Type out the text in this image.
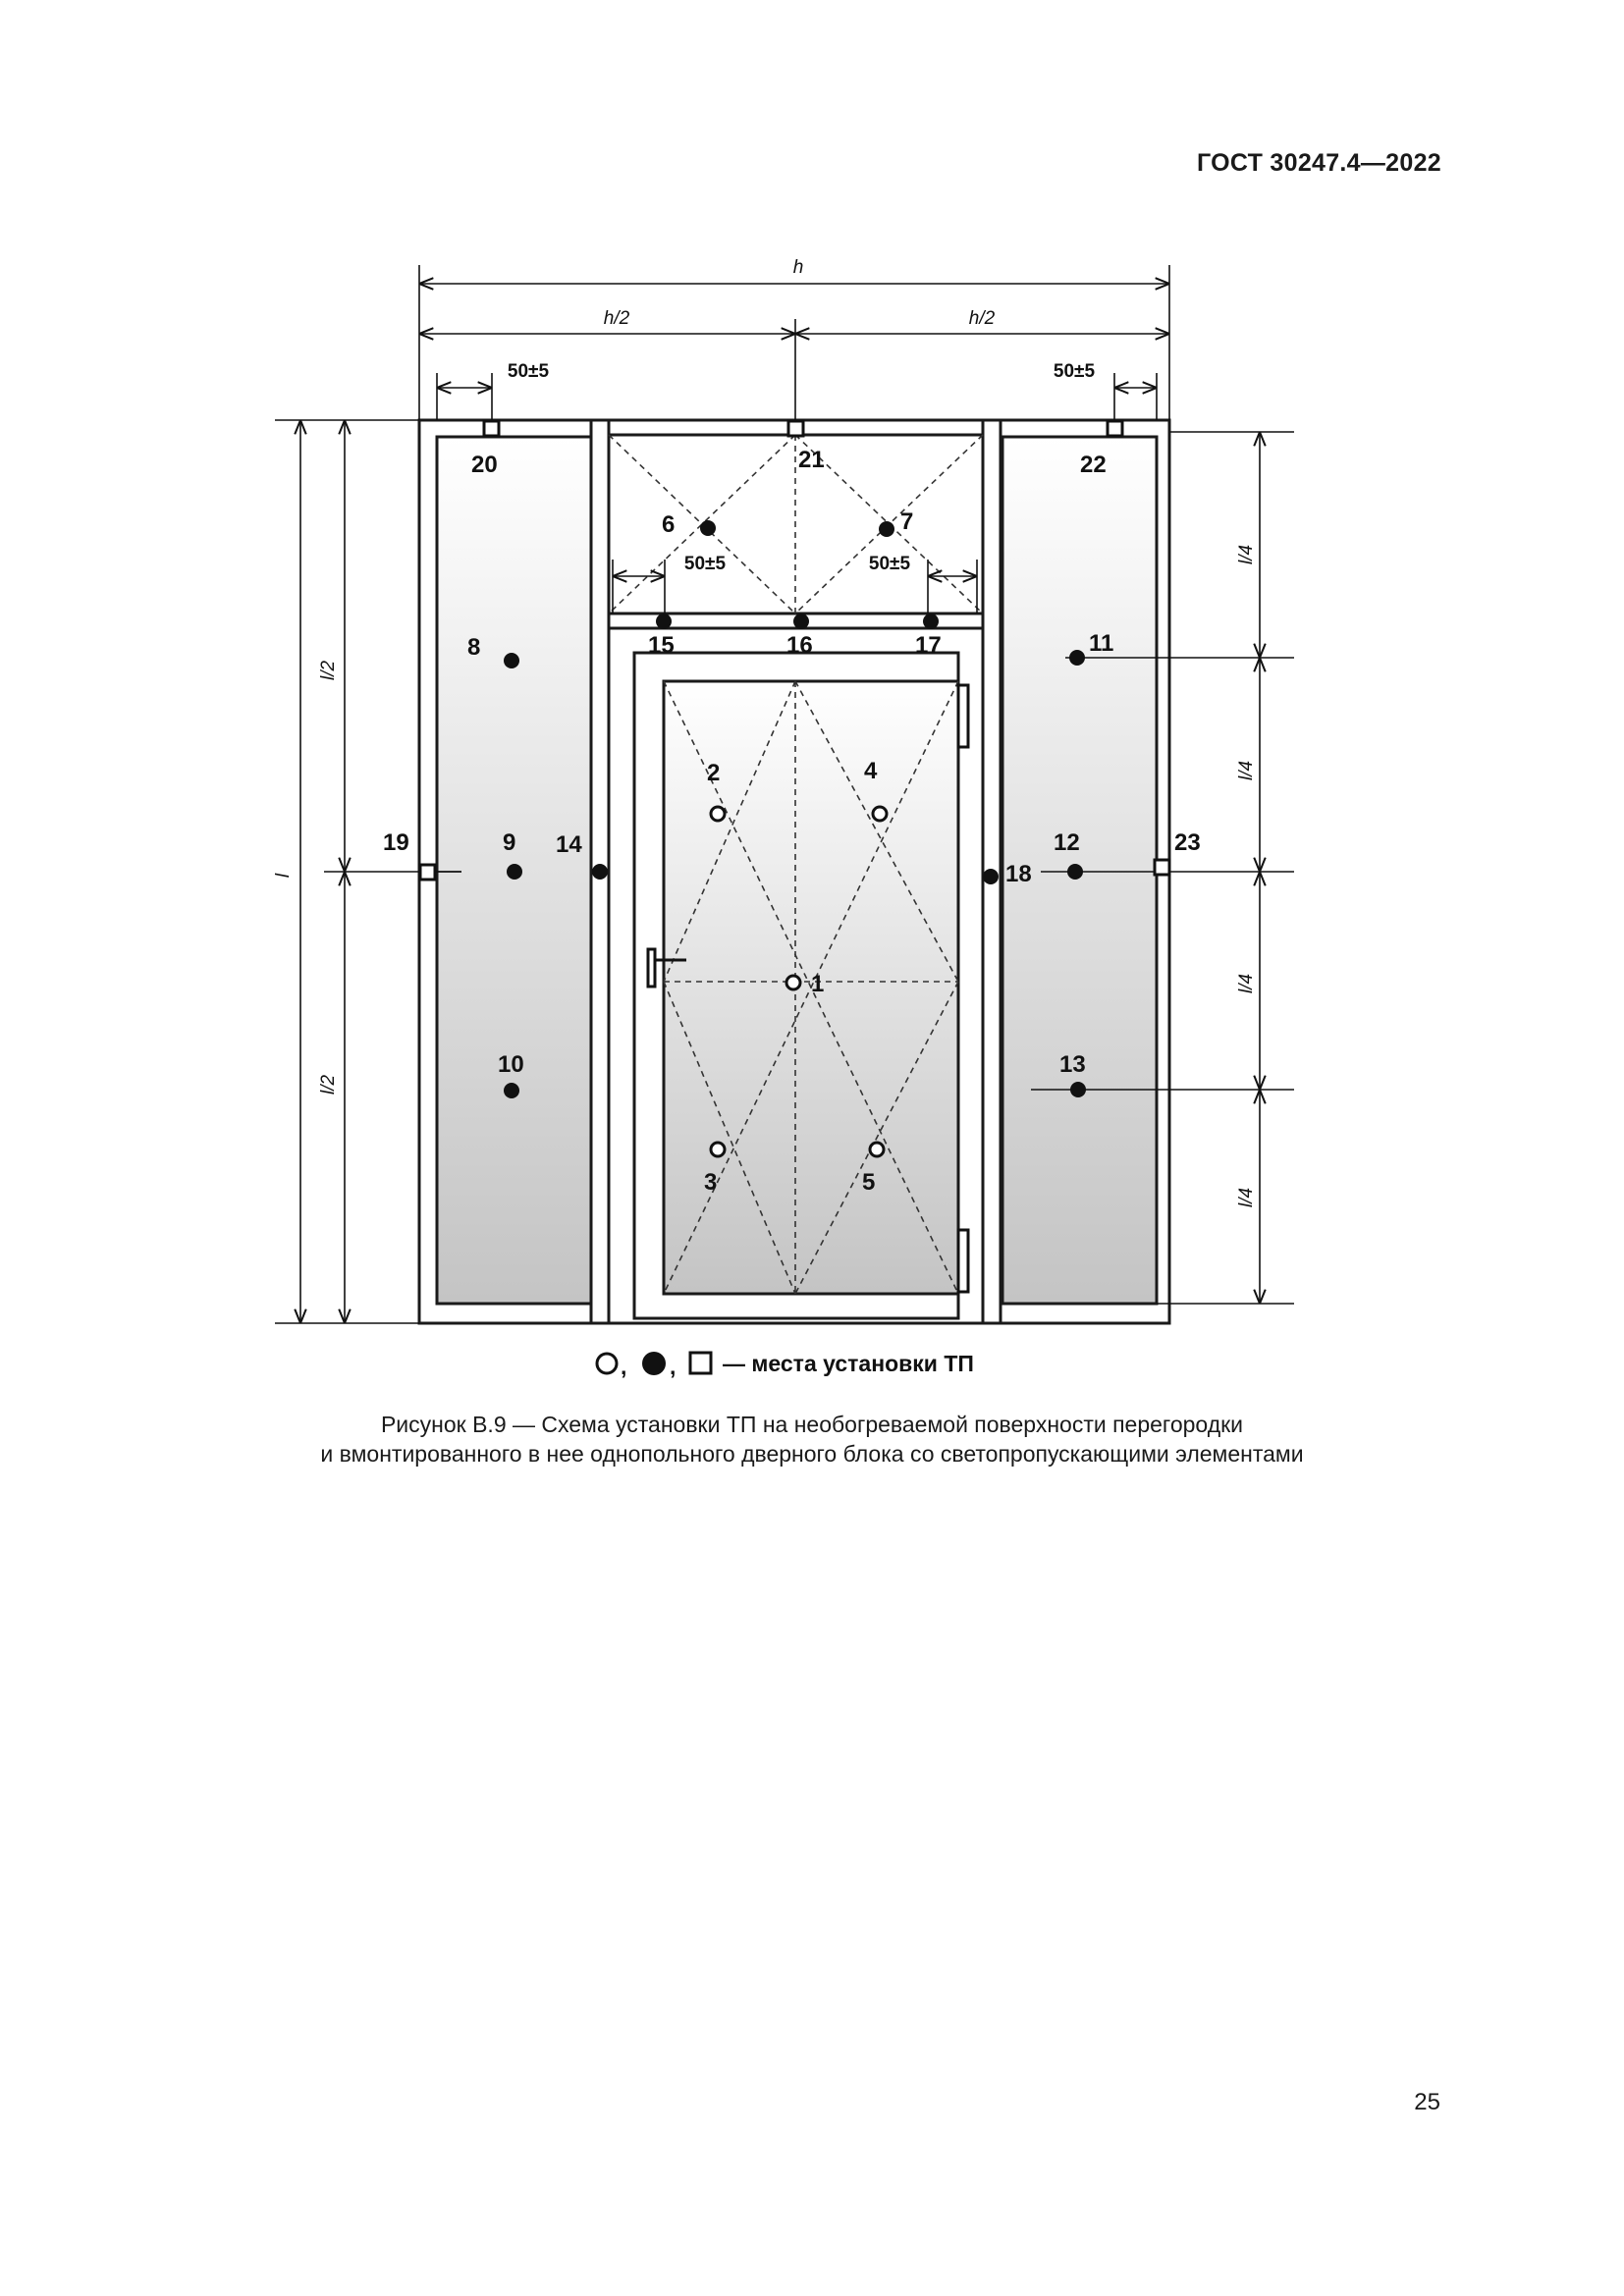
ГОСТ 30247.4—2022
h
h/2	h/2
50±5	50±5
50±5	50±5
l
l/2
l/2
l/4
l/4
l/4
l/4
1
2
3
4
5
6	7
8
9
10
11
12
13
14
15	16	17
18
19
20	21	22
23
, , — места установки ТП
Рисунок В.9 — Схема установки ТП на необогреваемой поверхности перегородки
и вмонтированного в нее однопольного дверного блока со светопропускающими элементами
25
